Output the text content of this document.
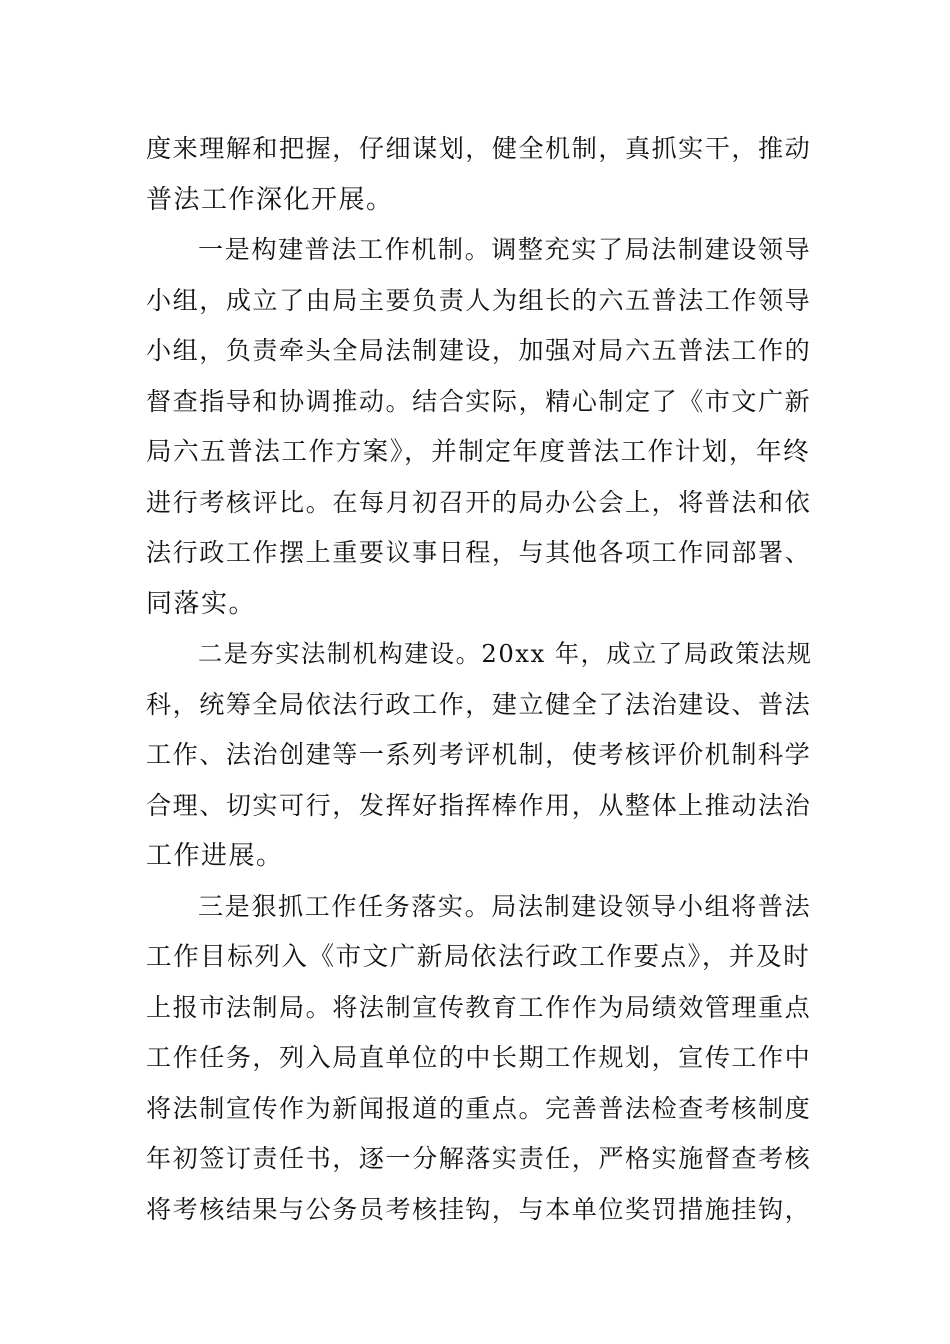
度来理解和把握，仔细谋划，健全机制，真抓实干，推动
普法工作深化开展。
一是构建普法工作机制。调整充实了局法制建设领导
小组，成立了由局主要负责人为组长的六五普法工作领导
小组，负责牵头全局法制建设，加强对局六五普法工作的
督查指导和协调推动。结合实际，精心制定了《市文广新
局六五普法工作方案》，并制定年度普法工作计划，年终
进行考核评比。在每月初召开的局办公会上，将普法和依
法行政工作摆上重要议事日程，与其他各项工作同部署、
同落实。
二是夯实法制机构建设。20xx 年，成立了局政策法规
科，统筹全局依法行政工作，建立健全了法治建设、普法
工作、法治创建等一系列考评机制，使考核评价机制科学
合理、切实可行，发挥好指挥棒作用，从整体上推动法治
工作进展。
三是狠抓工作任务落实。局法制建设领导小组将普法
工作目标列入《市文广新局依法行政工作要点》，并及时
上报市法制局。将法制宣传教育工作作为局绩效管理重点
工作任务，列入局直单位的中长期工作规划，宣传工作中
将法制宣传作为新闻报道的重点。完善普法检查考核制度
年初签订责任书，逐一分解落实责任，严格实施督查考核
将考核结果与公务员考核挂钩，与本单位奖罚措施挂钩，
